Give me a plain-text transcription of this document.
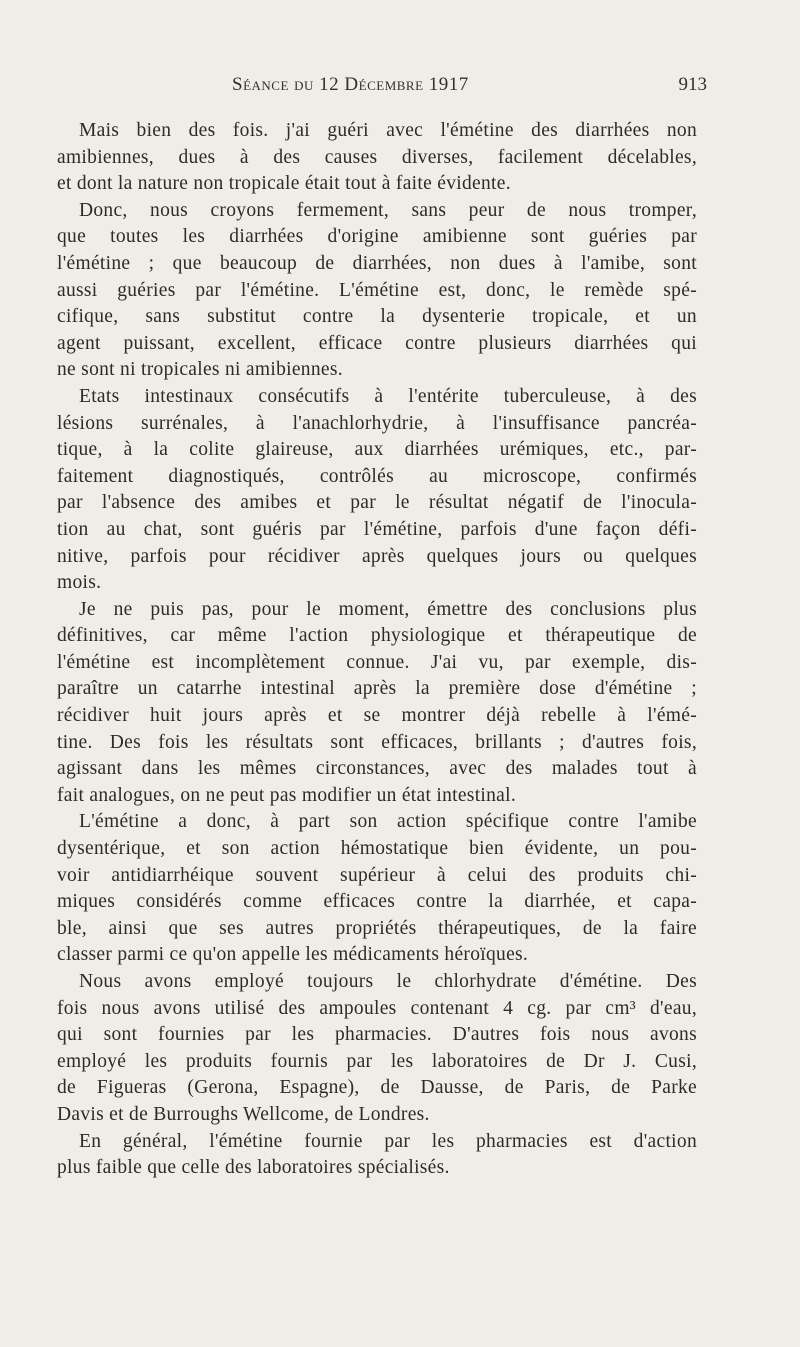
Séance du 12 Décembre 1917	913
Mais bien des fois. j'ai guéri avec l'émétine des diarrhées non
amibiennes, dues à des causes diverses, facilement décelables,
et dont la nature non tropicale était tout à faite évidente.
Donc, nous croyons fermement, sans peur de nous tromper,
que toutes les diarrhées d'origine amibienne sont guéries par
l'émétine ; que beaucoup de diarrhées, non dues à l'amibe, sont
aussi guéries par l'émétine. L'émétine est, donc, le remède spé-
cifique, sans substitut contre la dysenterie tropicale, et un
agent puissant, excellent, efficace contre plusieurs diarrhées qui
ne sont ni tropicales ni amibiennes.
Etats intestinaux consécutifs à l'entérite tuberculeuse, à des
lésions surrénales, à l'anachlorhydrie, à l'insuffisance pancréa-
tique, à la colite glaireuse, aux diarrhées urémiques, etc., par-
faitement diagnostiqués, contrôlés au microscope, confirmés
par l'absence des amibes et par le résultat négatif de l'inocula-
tion au chat, sont guéris par l'émétine, parfois d'une façon défi-
nitive, parfois pour récidiver après quelques jours ou quelques
mois.
Je ne puis pas, pour le moment, émettre des conclusions plus
définitives, car même l'action physiologique et thérapeutique de
l'émétine est incomplètement connue. J'ai vu, par exemple, dis-
paraître un catarrhe intestinal après la première dose d'émétine ;
récidiver huit jours après et se montrer déjà rebelle à l'émé-
tine. Des fois les résultats sont efficaces, brillants ; d'autres fois,
agissant dans les mêmes circonstances, avec des malades tout à
fait analogues, on ne peut pas modifier un état intestinal.
L'émétine a donc, à part son action spécifique contre l'amibe
dysentérique, et son action hémostatique bien évidente, un pou-
voir antidiarrhéique souvent supérieur à celui des produits chi-
miques considérés comme efficaces contre la diarrhée, et capa-
ble, ainsi que ses autres propriétés thérapeutiques, de la faire
classer parmi ce qu'on appelle les médicaments héroïques.
Nous avons employé toujours le chlorhydrate d'émétine. Des
fois nous avons utilisé des ampoules contenant 4 cg. par cm³ d'eau,
qui sont fournies par les pharmacies. D'autres fois nous avons
employé les produits fournis par les laboratoires de Dr J. Cusi,
de Figueras (Gerona, Espagne), de Dausse, de Paris, de Parke
Davis et de Burroughs Wellcome, de Londres.
En général, l'émétine fournie par les pharmacies est d'action
plus faible que celle des laboratoires spécialisés.
